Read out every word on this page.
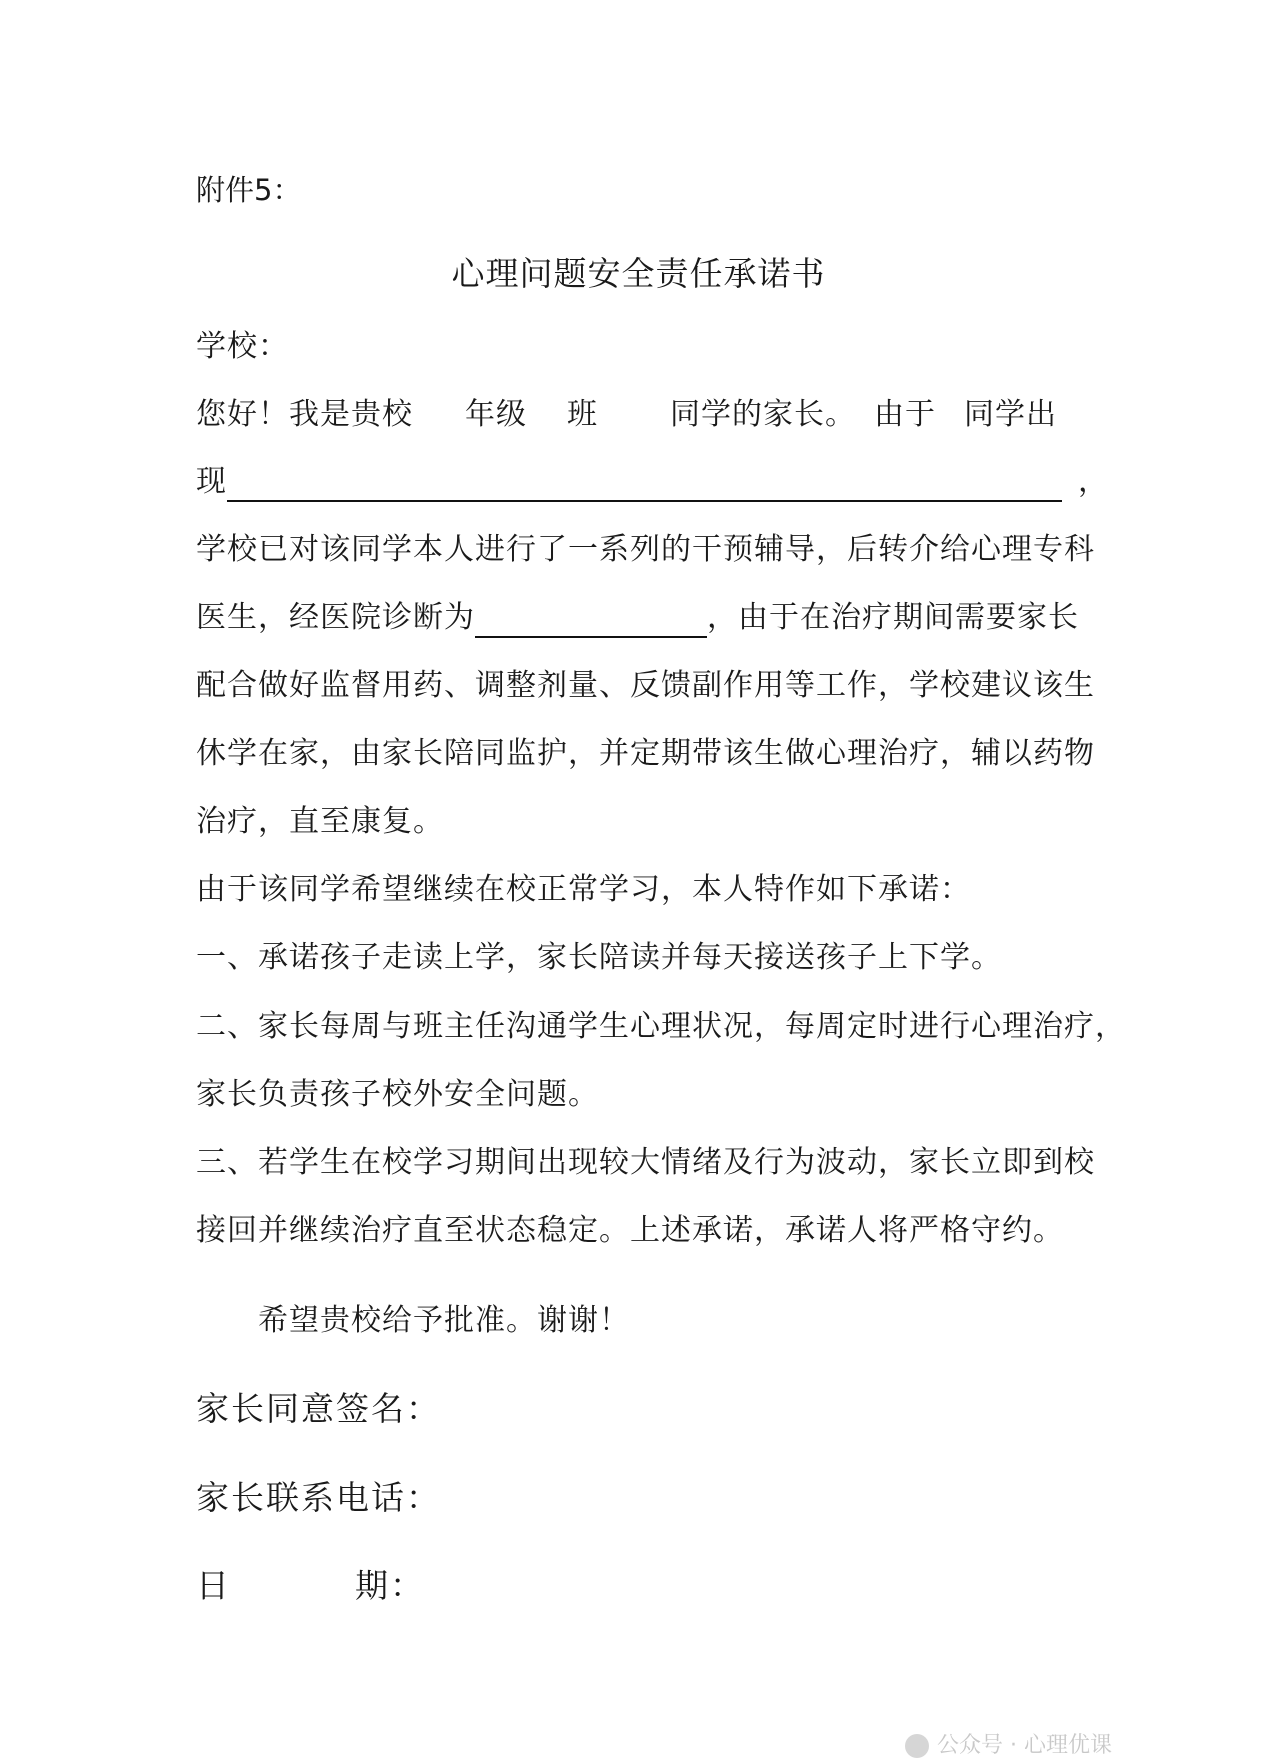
附件5：
心理问题安全责任承诺书
学校：
您好！我是贵校 年级 班 同学的家长。 由于 同学出
现	，
学校已对该同学本人进行了一系列的干预辅导，后转介给心理专科
医生，经医院诊断为	，由于在治疗期间需要家长
配合做好监督用药、调整剂量、反馈副作用等工作，学校建议该生
休学在家，由家长陪同监护，并定期带该生做心理治疗，辅以药物
治疗，直至康复。
由于该同学希望继续在校正常学习，本人特作如下承诺：
一、承诺孩子走读上学，家长陪读并每天接送孩子上下学。
二、家长每周与班主任沟通学生心理状况，每周定时进行心理治疗，
家长负责孩子校外安全问题。
三、若学生在校学习期间出现较大情绪及行为波动，家长立即到校
接回并继续治疗直至状态稳定。上述承诺，承诺人将严格守约。
希望贵校给予批准。谢谢！
家长同意签名：
家长联系电话：
日	期：
公众号 · 心理优课
